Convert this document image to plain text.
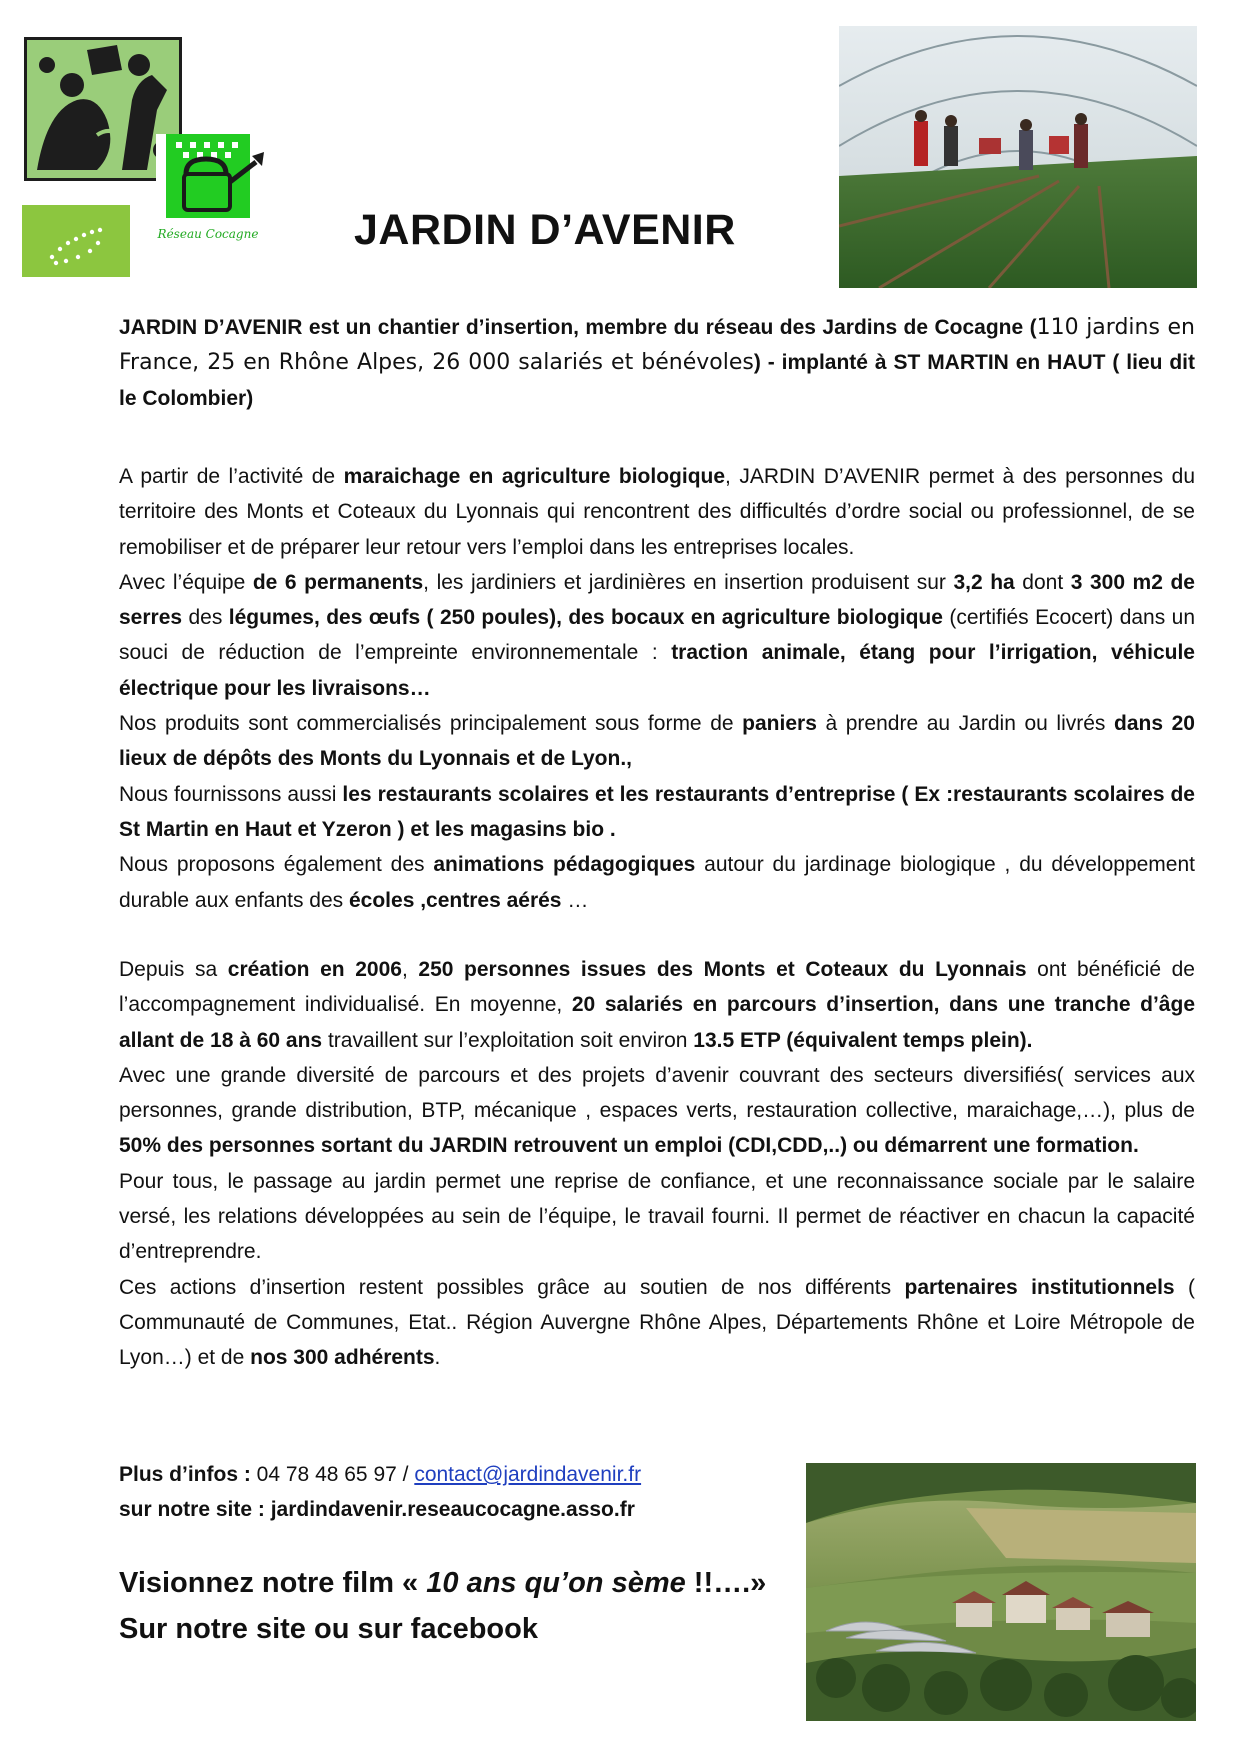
Réseau Cocagne JARDIN D’AVENIR

JARDIN D’AVENIR est un chantier d’insertion, membre du réseau des Jardins de Cocagne (110 jardins en France, 25 en Rhône Alpes, 26 000 salariés et bénévoles) - implanté à ST MARTIN en HAUT ( lieu dit le Colombier)

A partir de l’activité de maraichage en agriculture biologique, JARDIN D’AVENIR permet à des personnes du territoire des Monts et Coteaux du Lyonnais qui rencontrent des difficultés d’ordre social ou professionnel, de se remobiliser et de préparer leur retour vers l’emploi dans les entreprises locales.

Avec l’équipe de 6 permanents, les jardiniers et jardinières en insertion produisent sur 3,2 ha dont 3 300 m2 de serres des légumes, des œufs ( 250 poules), des bocaux en agriculture biologique (certifiés Ecocert) dans un souci de réduction de l’empreinte environnementale : traction animale, étang pour l’irrigation, véhicule électrique pour les livraisons…

Nos produits sont commercialisés principalement sous forme de paniers à prendre au Jardin ou livrés dans 20 lieux de dépôts des Monts du Lyonnais et de Lyon.,

Nous fournissons aussi les restaurants scolaires et les restaurants d’entreprise ( Ex :restaurants scolaires de St Martin en Haut et Yzeron ) et les magasins bio .

Nous proposons également des animations pédagogiques autour du jardinage biologique , du développement durable aux enfants des écoles ,centres aérés …

Depuis sa création en 2006, 250 personnes issues des Monts et Coteaux du Lyonnais ont bénéficié de l’accompagnement individualisé. En moyenne, 20 salariés en parcours d’insertion, dans une tranche d’âge allant de 18 à 60 ans travaillent sur l’exploitation soit environ 13.5 ETP (équivalent temps plein).

Avec une grande diversité de parcours et des projets d’avenir couvrant des secteurs diversifiés( services aux personnes, grande distribution, BTP, mécanique , espaces verts, restauration collective, maraichage,…), plus de 50% des personnes sortant du JARDIN retrouvent un emploi (CDI,CDD,..) ou démarrent une formation.

Pour tous, le passage au jardin permet une reprise de confiance, et une reconnaissance sociale par le salaire versé, les relations développées au sein de l’équipe, le travail fourni. Il permet de réactiver en chacun la capacité d’entreprendre.

Ces actions d’insertion restent possibles grâce au soutien de nos différents partenaires institutionnels ( Communauté de Communes, Etat.. Région Auvergne Rhône Alpes, Départements Rhône et Loire Métropole de Lyon…) et de nos 300 adhérents.

Plus d’infos : 04 78 48 65 97 / contact@jardindavenir.fr

sur notre site : jardindavenir.reseaucocagne.asso.fr

Visionnez notre film « 10 ans qu’on sème !!….»

Sur notre site ou sur facebook
